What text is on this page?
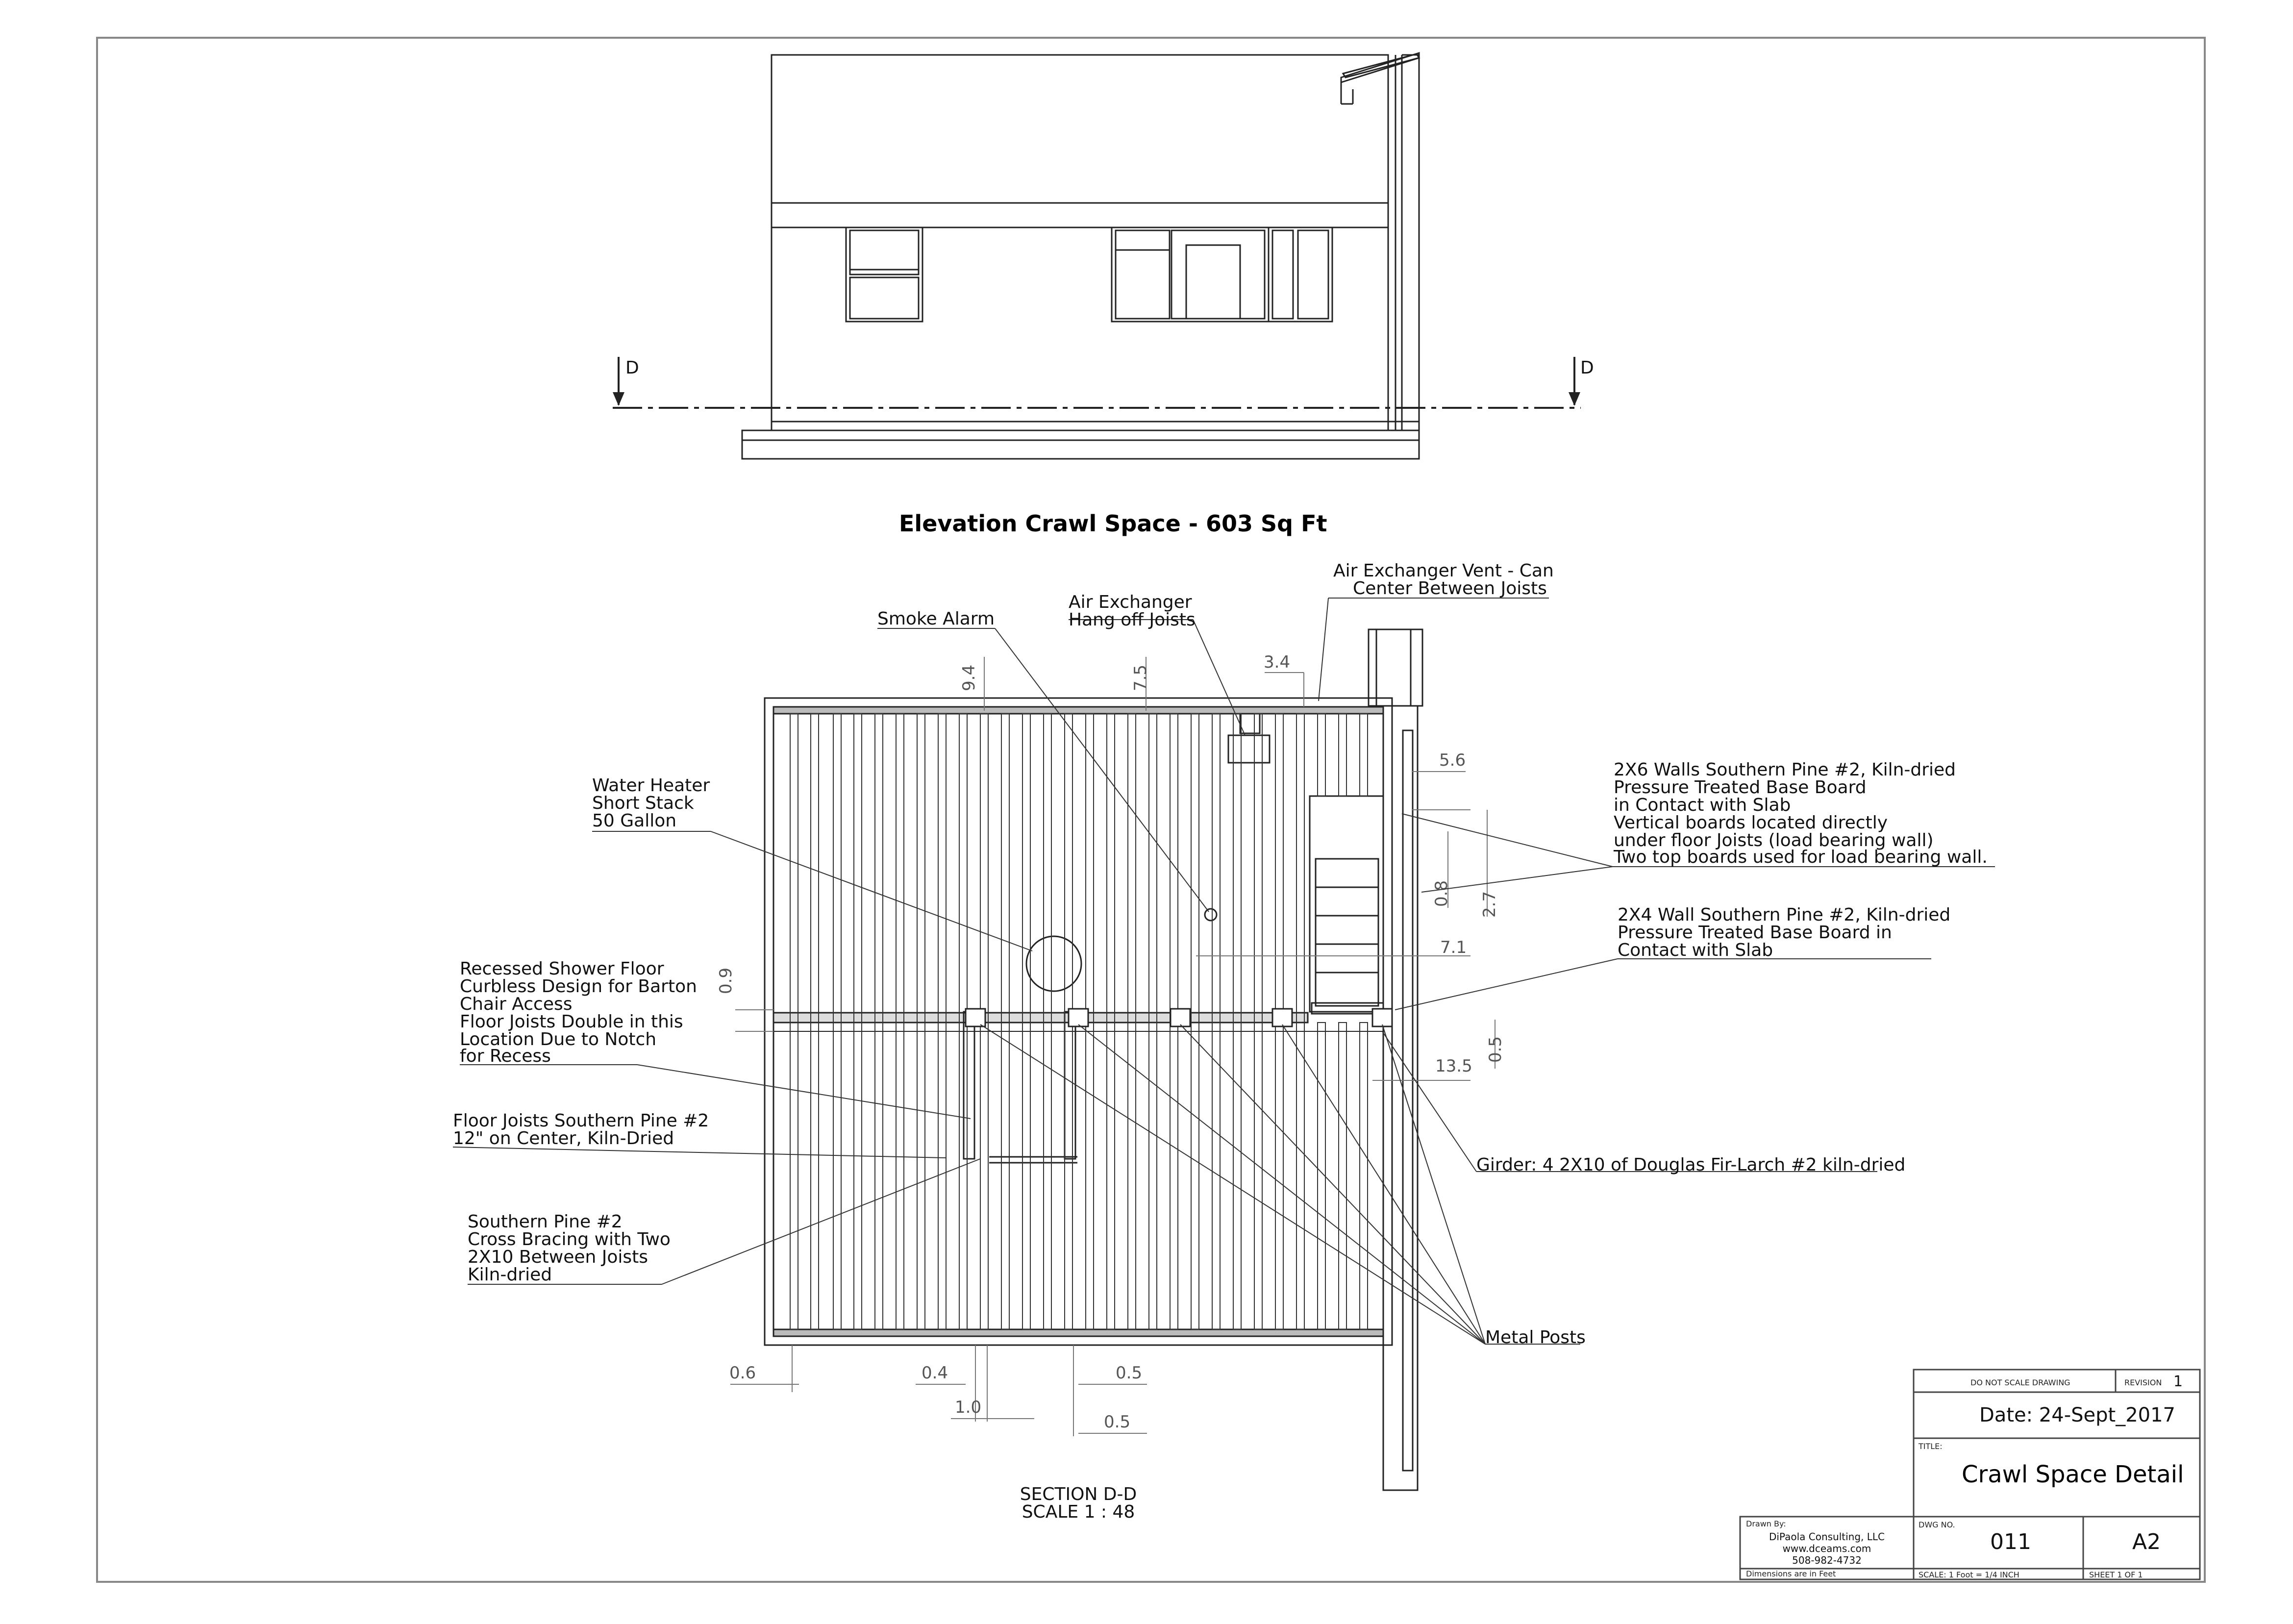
D	D
Elevation Crawl Space - 603 Sq Ft
9.4	7.5
3.4
5.6
0.8 2.7
7.1
0.9
0.5
13.5
0.6	0.4	0.5
1.0
0.5
Smoke Alarm
Air Exchanger
Hang off Joists
Air Exchanger Vent - Can
Center Between Joists
Water Heater
Short Stack
50 Gallon
Recessed Shower Floor
Curbless Design for Barton
Chair Access
Floor Joists Double in this
Location Due to Notch
for Recess
Floor Joists Southern Pine #2
12" on Center, Kiln-Dried
Southern Pine #2
Cross Bracing with Two
2X10 Between Joists
Kiln-dried
2X6 Walls Southern Pine #2, Kiln-dried
Pressure Treated Base Board
in Contact with Slab
Vertical boards located directly
under floor Joists (load bearing wall)
Two top boards used for load bearing wall.
2X4 Wall Southern Pine #2, Kiln-dried
Pressure Treated Base Board in
Contact with Slab
Girder: 4 2X10 of Douglas Fir-Larch #2 kiln-dried
Metal Posts
SECTION D-D
SCALE 1 : 48
DO NOT SCALE DRAWING	REVISION 1
Date: 24-Sept_2017
TITLE:
Crawl Space Detail
Drawn By:
DiPaola Consulting, LLC
www.dceams.com
508-982-4732
Dimensions are in Feet
DWG NO.
011	A2
SCALE: 1 Foot = 1/4 INCH	SHEET 1 OF 1
